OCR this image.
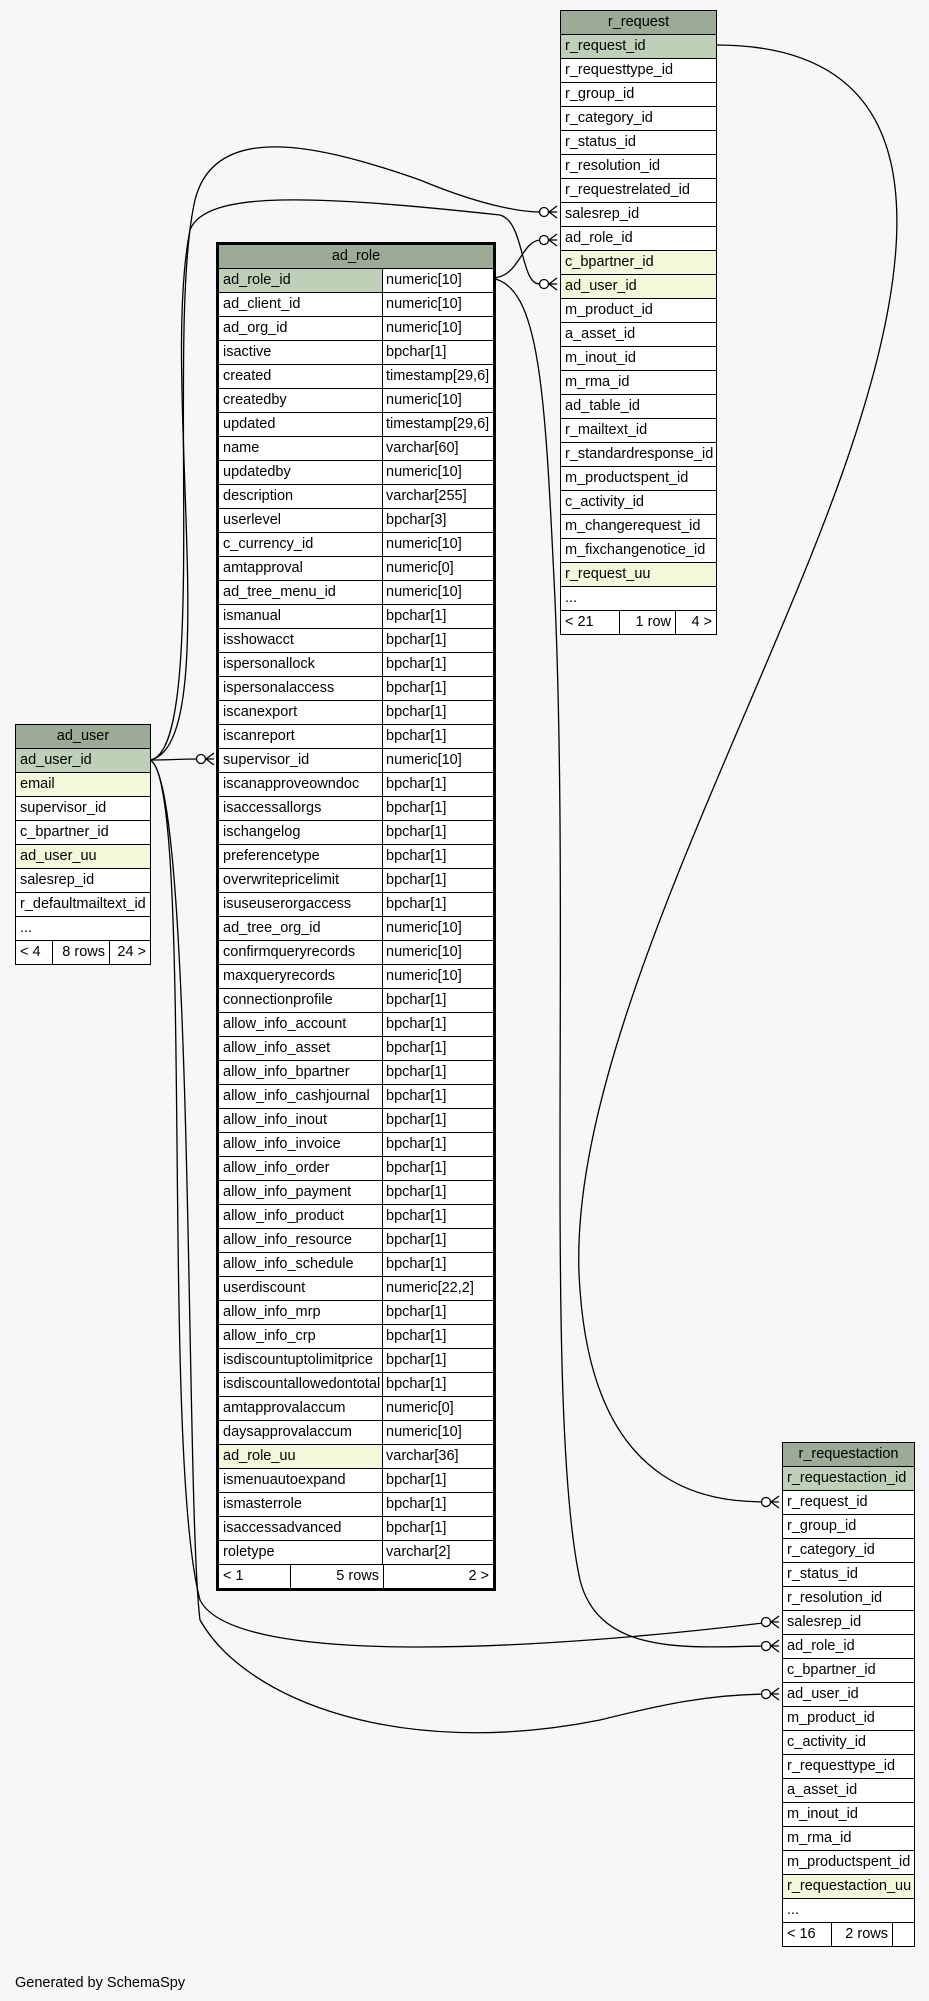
r_request
r_request_id
r_requesttype_id
r_group_id
r_category_id
r_status_id
r_resolution_id
r_requestrelated_id
salesrep_id
ad_role_id
c_bpartner_id
ad_user_id
m_product_id
a_asset_id
m_inout_id
m_rma_id
ad_table_id
r_mailtext_id
r_standardresponse_id
m_productspent_id
c_activity_id
m_changerequest_id
m_fixchangenotice_id
r_request_uu
...
< 21	1 row	4 >
ad_role
ad_role_id	numeric[10]
ad_client_id	numeric[10]
ad_org_id	numeric[10]
isactive	bpchar[1]
created	timestamp[29,6]
createdby	numeric[10]
updated	timestamp[29,6]
name	varchar[60]
updatedby	numeric[10]
description	varchar[255]
userlevel	bpchar[3]
c_currency_id	numeric[10]
amtapproval	numeric[0]
ad_tree_menu_id	numeric[10]
ismanual	bpchar[1]
isshowacct	bpchar[1]
ispersonallock	bpchar[1]
ispersonalaccess	bpchar[1]
iscanexport	bpchar[1]
iscanreport	bpchar[1]
supervisor_id	numeric[10]
iscanapproveowndoc	bpchar[1]
isaccessallorgs	bpchar[1]
ischangelog	bpchar[1]
preferencetype	bpchar[1]
overwritepricelimit	bpchar[1]
isuseuserorgaccess	bpchar[1]
ad_tree_org_id	numeric[10]
confirmqueryrecords	numeric[10]
maxqueryrecords	numeric[10]
connectionprofile	bpchar[1]
allow_info_account	bpchar[1]
allow_info_asset	bpchar[1]
allow_info_bpartner	bpchar[1]
allow_info_cashjournal	bpchar[1]
allow_info_inout	bpchar[1]
allow_info_invoice	bpchar[1]
allow_info_order	bpchar[1]
allow_info_payment	bpchar[1]
allow_info_product	bpchar[1]
allow_info_resource	bpchar[1]
allow_info_schedule	bpchar[1]
userdiscount	numeric[22,2]
allow_info_mrp	bpchar[1]
allow_info_crp	bpchar[1]
isdiscountuptolimitprice bpchar[1]
isdiscountallowedontotal bpchar[1]
amtapprovalaccum	numeric[0]
daysapprovalaccum	numeric[10]
ad_role_uu	varchar[36]
ismenuautoexpand	bpchar[1]
ismasterrole	bpchar[1]
isaccessadvanced	bpchar[1]
roletype	varchar[2]
< 1	5 rows	2 >
ad_user
ad_user_id
email
supervisor_id
c_bpartner_id
ad_user_uu
salesrep_id
r_defaultmailtext_id
...
< 4	8 rows 24 >
r_requestaction
r_requestaction_id
r_request_id
r_group_id
r_category_id
r_status_id
r_resolution_id
salesrep_id
ad_role_id
c_bpartner_id
ad_user_id
m_product_id
c_activity_id
r_requesttype_id
a_asset_id
m_inout_id
m_rma_id
m_productspent_id
r_requestaction_uu
...
< 16	2 rows
Generated by SchemaSpy
